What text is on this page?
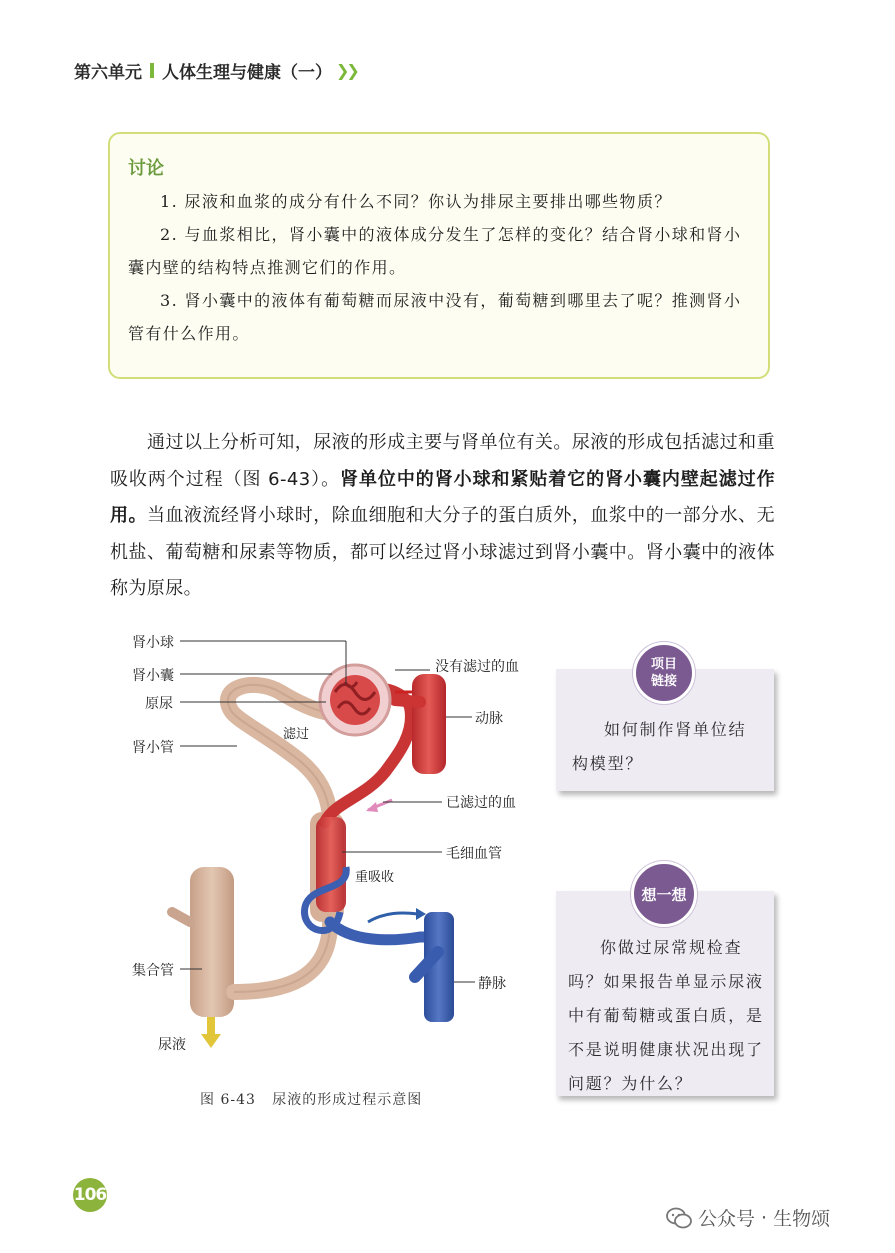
第六单元 人体生理与健康（一） ❯❯
讨论
1. 尿液和血浆的成分有什么不同？你认为排尿主要排出哪些物质？
2. 与血浆相比，肾小囊中的液体成分发生了怎样的变化？结合肾小球和肾小囊内壁的结构特点推测它们的作用。
3. 肾小囊中的液体有葡萄糖而尿液中没有，葡萄糖到哪里去了呢？推测肾小管有什么作用。

通过以上分析可知，尿液的形成主要与肾单位有关。尿液的形成包括滤过和重吸收两个过程（图 6-43）。肾单位中的肾小球和紧贴着它的肾小囊内壁起滤过作用。当血液流经肾小球时，除血细胞和大分子的蛋白质外，血浆中的一部分水、无机盐、葡萄糖和尿素等物质，都可以经过肾小球滤过到肾小囊中。肾小囊中的液体称为原尿。

肾小球
肾小囊
原尿
肾小管
滤过
没有滤过的血
动脉
已滤过的血
毛细血管
重吸收
集合管
静脉
尿液
图 6-43 尿液的形成过程示意图
如何制作肾单位结构模型？
项目
链接
你做过尿常规检查吗？如果报告单显示尿液中有葡萄糖或蛋白质，是不是说明健康状况出现了问题？为什么？
想一想
106
公众号 · 生物颂
